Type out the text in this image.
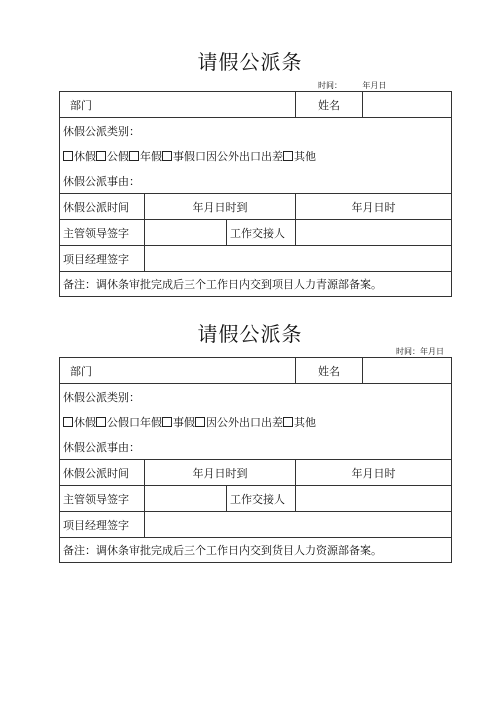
请假公派条
时间：        年月日
部门			姓名	
休假公派类别：				
休假 公假 年假 事假口因公外出口出差 其他				
休假公派事由：				
休假公派时间	年月日时到		年月日时	
主管领导签字		工作交接人		
项目经理签字				
备注：调休条审批完成后三个工作日内交到项目人力青源部备案。				
请假公派条
时间：年月日
部门			姓名	
休假公派类别：				
休假 公假口年假 事假 因公外出口出差 其他				
休假公派事由：				
休假公派时间	年月日时到		年月日时	
主管领导签字		工作交接人		
项目经理签字				
备注：调休条审批完成后三个工作日内交到货目人力资源部备案。				
